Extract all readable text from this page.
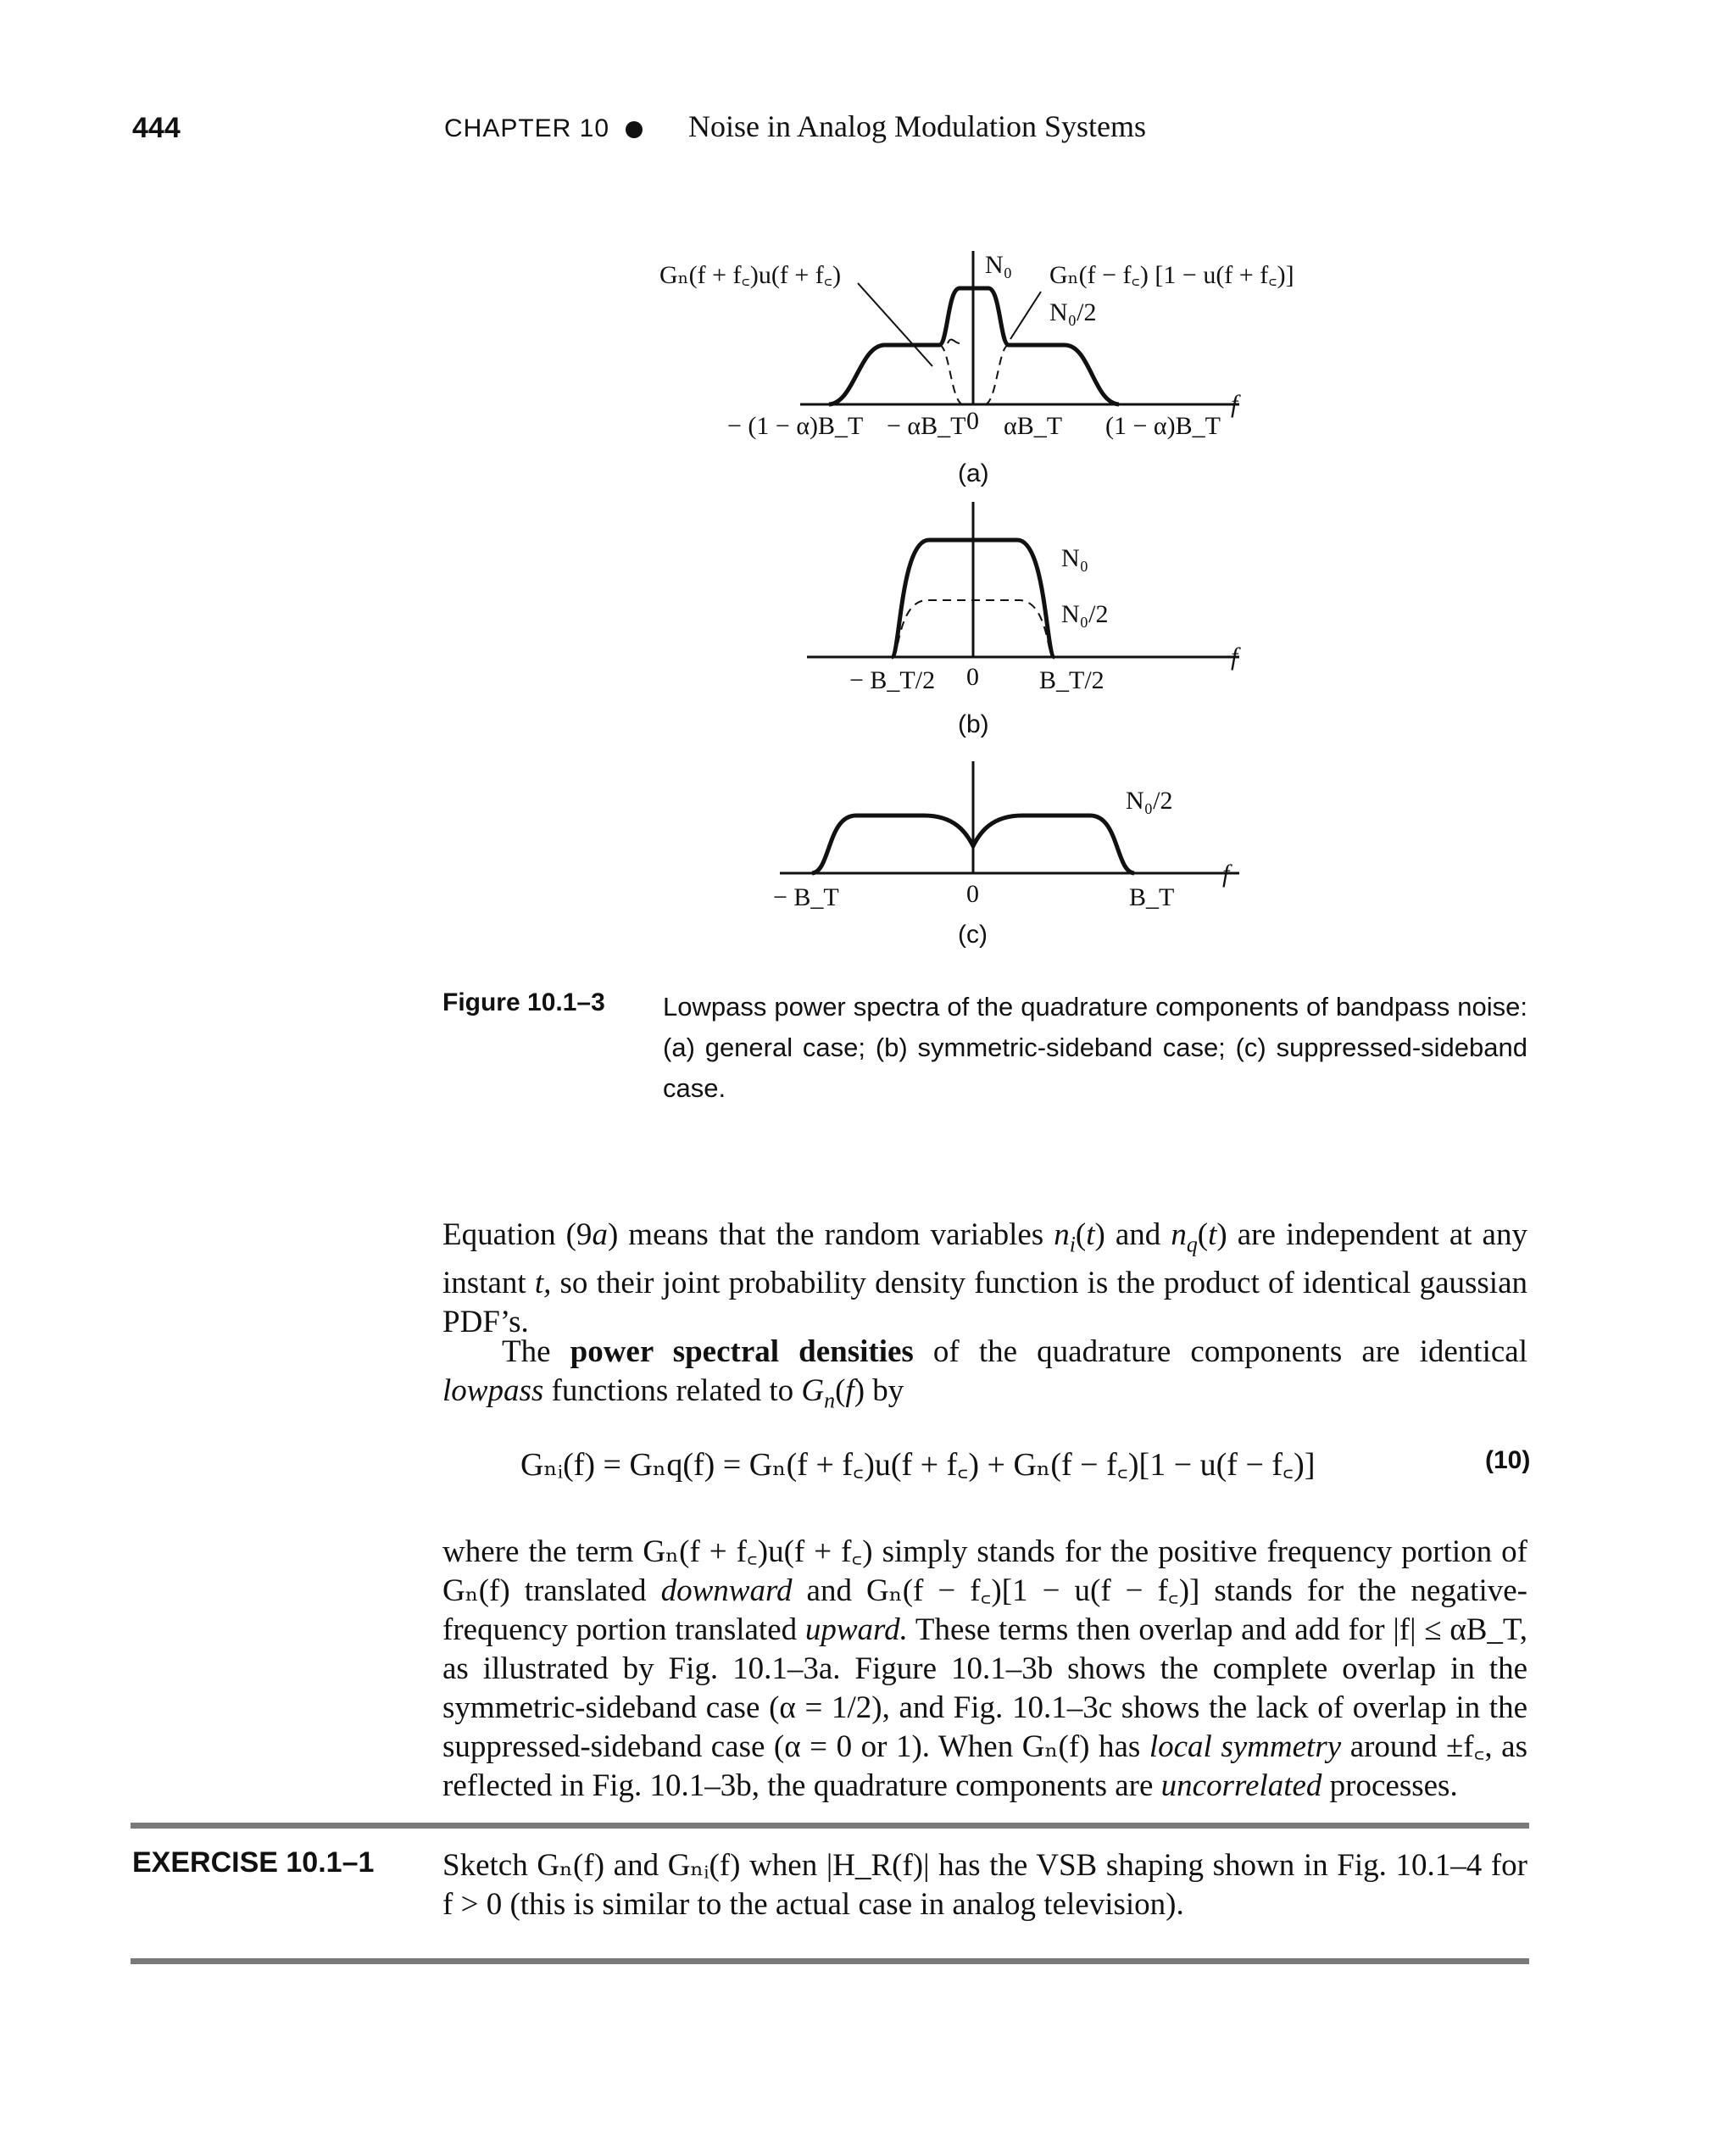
444	CHAPTER 10	Noise in Analog Modulation Systems
Gₙ(f + f꜀)u(f + f꜀)	N₀ Gₙ(f − f꜀) [1 − u(f + f꜀)]
N₀/2
f
− (1 − α)B_T − αB_T 0 αB_T (1 − α)B_T
N₀
N₀/2
f
− B_T/2 0 B_T/2
N₀/2
f
− B_T	0	B_T
(a)
(b)
(c)
Figure 10.1–3 Lowpass power spectra of the quadrature components of bandpass noise:
(a) general case; (b) symmetric-sideband case; (c) suppressed-sideband case.
Equation (9a) means that the random variables $n_i(t)$ and $n_q(t)$ are independent at any instant t, so their joint probability density function is the product of identical gaussian PDF’s.
The power spectral densities of the quadrature components are identical lowpass functions related to $G_n(f)$ by
Gₙᵢ(f) = Gₙq(f) = Gₙ(f + f꜀)u(f + f꜀) + Gₙ(f − f꜀)[1 − u(f − f꜀)]	(10)
where the term Gₙ(f + f꜀)u(f + f꜀) simply stands for the positive frequency portion of Gₙ(f) translated downward and Gₙ(f − f꜀)[1 − u(f − f꜀)] stands for the negative-frequency portion translated upward. These terms then overlap and add for |f| ≤ αB_T, as illustrated by Fig. 10.1–3a. Figure 10.1–3b shows the complete overlap in the symmetric-sideband case (α = 1/2), and Fig. 10.1–3c shows the lack of overlap in the suppressed-sideband case (α = 0 or 1). When Gₙ(f) has local symmetry around ±f꜀, as reflected in Fig. 10.1–3b, the quadrature components are uncorrelated processes.
EXERCISE 10.1–1 Sketch Gₙ(f) and Gₙᵢ(f) when |H_R(f)| has the VSB shaping shown in Fig. 10.1–4 for f > 0 (this is similar to the actual case in analog television).
